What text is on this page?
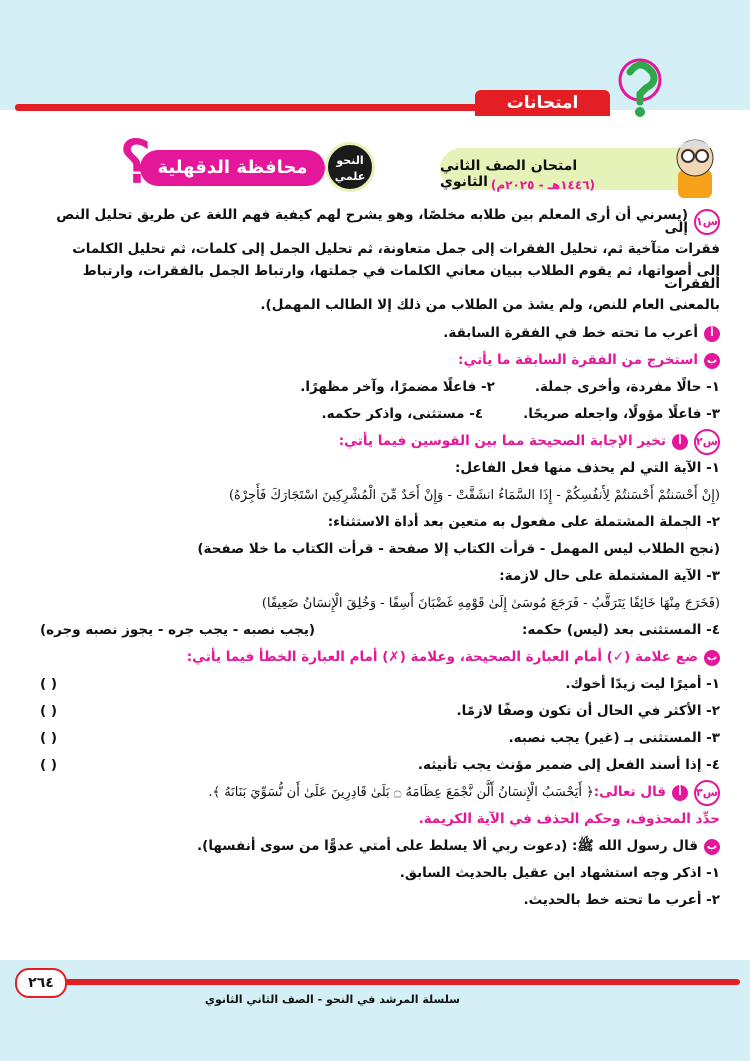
امتحانات
امتحان الصف الثاني الثانوي (١٤٤٦هـ - ٢٠٢٥م)
النحو
علمي
محافظة الدقهلية
؟
س١
(يسرني أن أرى المعلم بين طلابه مخلصًا، وهو يشرح لهم كيفية فهم اللغة عن طريق تحليل النص إلى
فقرات متآخية ثم، تحليل الفقرات إلى جمل متعاونة، ثم تحليل الجمل إلى كلمات، ثم تحليل الكلمات
إلى أصواتها، ثم يقوم الطلاب ببيان معاني الكلمات في جملتها، وارتباط الجمل بالفقرات، وارتباط الفقرات
بالمعنى العام للنص، ولم يشذ من الطلاب من ذلك إلا الطالب المهمل).
أ
أعرب ما تحته خط في الفقرة السابقة.
ب
استخرج من الفقرة السابقة ما يأتي:
١- حالًا مفردة، وأخرى جملة.
٢- فاعلًا مضمرًا، وآخر مظهرًا.
٣- فاعلًا مؤولًا، واجعله صريحًا.
٤- مستثنى، واذكر حكمه.
س٢
أ
تخير الإجابة الصحيحة مما بين القوسين فيما يأتي:
١- الآية التي لم يحذف منها فعل الفاعل:
(إِنْ أَحْسَنتُمْ أَحْسَنتُمْ لِأَنفُسِكُمْ - إِذَا السَّمَاءُ انشَقَّتْ - وَإِنْ أَحَدٌ مِّنَ الْمُشْرِكِينَ اسْتَجَارَكَ فَأَجِرْهُ)
٢- الجملة المشتملة على مفعول به متعين بعد أداة الاستثناء:
(نجح الطلاب ليس المهمل - قرأت الكتاب إلا صفحة - قرأت الكتاب ما خلا صفحة)
٣- الآية المشتملة على حال لازمة:
(فَخَرَجَ مِنْهَا خَائِفًا يَتَرَقَّبُ - فَرَجَعَ مُوسَىٰ إِلَىٰ قَوْمِهِ غَضْبَانَ أَسِفًا - وَخُلِقَ الْإِنسَانُ ضَعِيفًا)
٤- المستثنى بعد (ليس) حكمه:
(يجب نصبه - يجب جره - يجوز نصبه وجره)
ب
ضع علامة (✓) أمام العبارة الصحيحة، وعلامة (✗) أمام العبارة الخطأ فيما يأتي:
١- أميرًا ليت زيدًا أخوك.
( )
٢- الأكثر في الحال أن تكون وصفًا لازمًا.
( )
٣- المستثنى بـ (غير) يجب نصبه.
( )
٤- إذا أسند الفعل إلى ضمير مؤنث يجب تأنيثه.
( )
س٣
أ
قال تعالى:
﴿ أَيَحْسَبُ الْإِنسَانُ أَلَّن نَّجْمَعَ عِظَامَهُ ۝ بَلَىٰ قَادِرِينَ عَلَىٰ أَن نُّسَوِّيَ بَنَانَهُ ﴾.
حدِّد المحذوف، وحكم الحذف في الآية الكريمة.
ب
قال رسول الله ﷺ: (دعوت ربي ألا يسلط على أمتي عدوًّا من سوى أنفسها).
١- اذكر وجه استشهاد ابن عقيل بالحديث السابق.
٢- أعرب ما تحته خط بالحديث.
٢٦٤
سلسلة المرشد في النحو - الصف الثاني الثانوي
